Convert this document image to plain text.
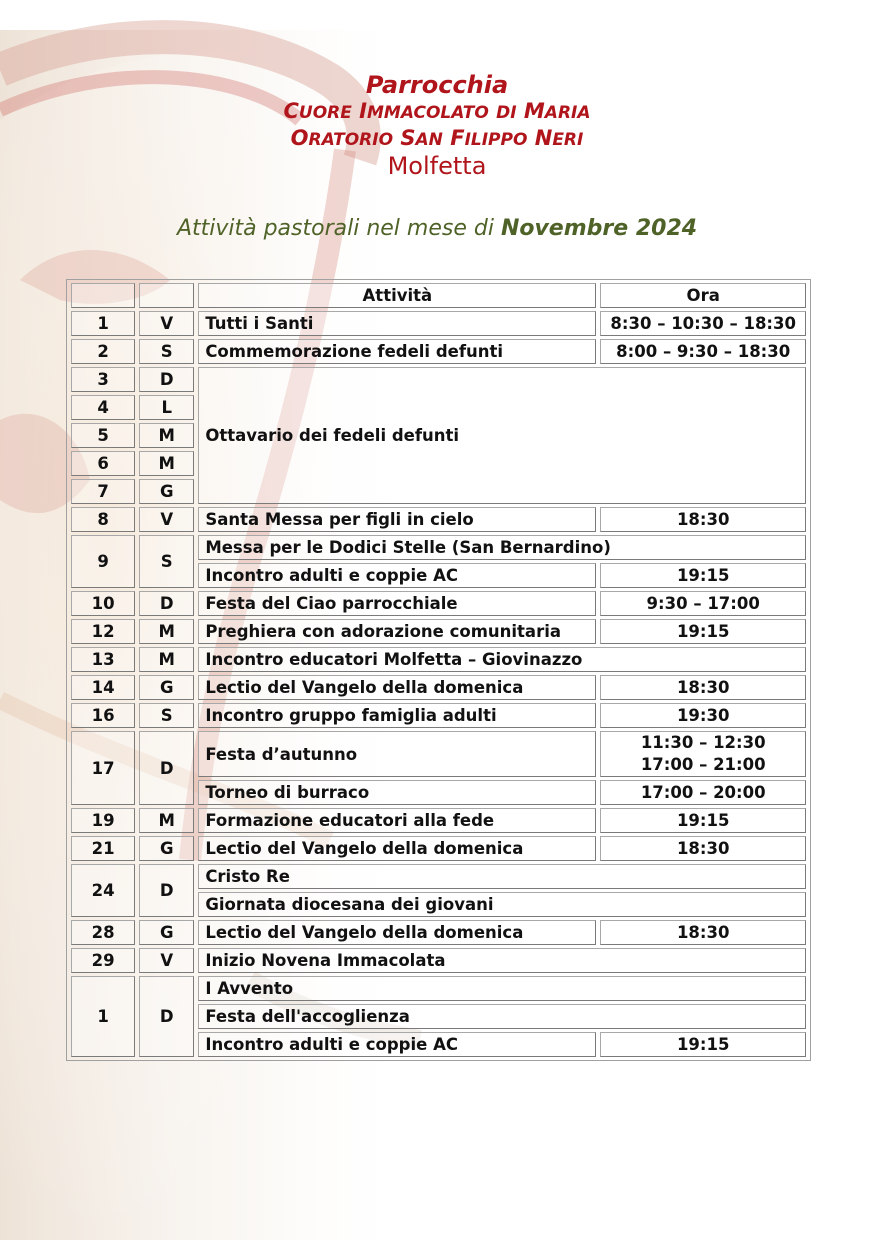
Parrocchia
CUORE IMMACOLATO DI MARIA
ORATORIO SAN FILIPPO NERI
Molfetta
Attività pastorali nel mese di Novembre 2024
		Attività	Ora
1	V	Tutti i Santi	8:30 – 10:30 – 18:30
2	S	Commemorazione fedeli defunti	8:00 – 9:30 – 18:30
3	D	Ottavario dei fedeli defunti	
4	L		
5	M		
6	M		
7	G		
8	V	Santa Messa per figli in cielo	18:30
9	S	Messa per le Dodici Stelle (San Bernardino)	
		Incontro adulti e coppie AC	19:15
10	D	Festa del Ciao parrocchiale	9:30 – 17:00
12	M	Preghiera con adorazione comunitaria	19:15
13	M	Incontro educatori Molfetta – Giovinazzo	
14	G	Lectio del Vangelo della domenica	18:30
16	S	Incontro gruppo famiglia adulti	19:30
17	D	Festa d’autunno	11:30 – 12:30
17:00 – 21:00

		Torneo di burraco	17:00 – 20:00
19	M	Formazione educatori alla fede	19:15
21	G	Lectio del Vangelo della domenica	18:30
24	D	Cristo Re	
		Giornata diocesana dei giovani	
28	G	Lectio del Vangelo della domenica	18:30
29	V	Inizio Novena Immacolata	
1	D	I Avvento	
		Festa dell'accoglienza	
		Incontro adulti e coppie AC	19:15
